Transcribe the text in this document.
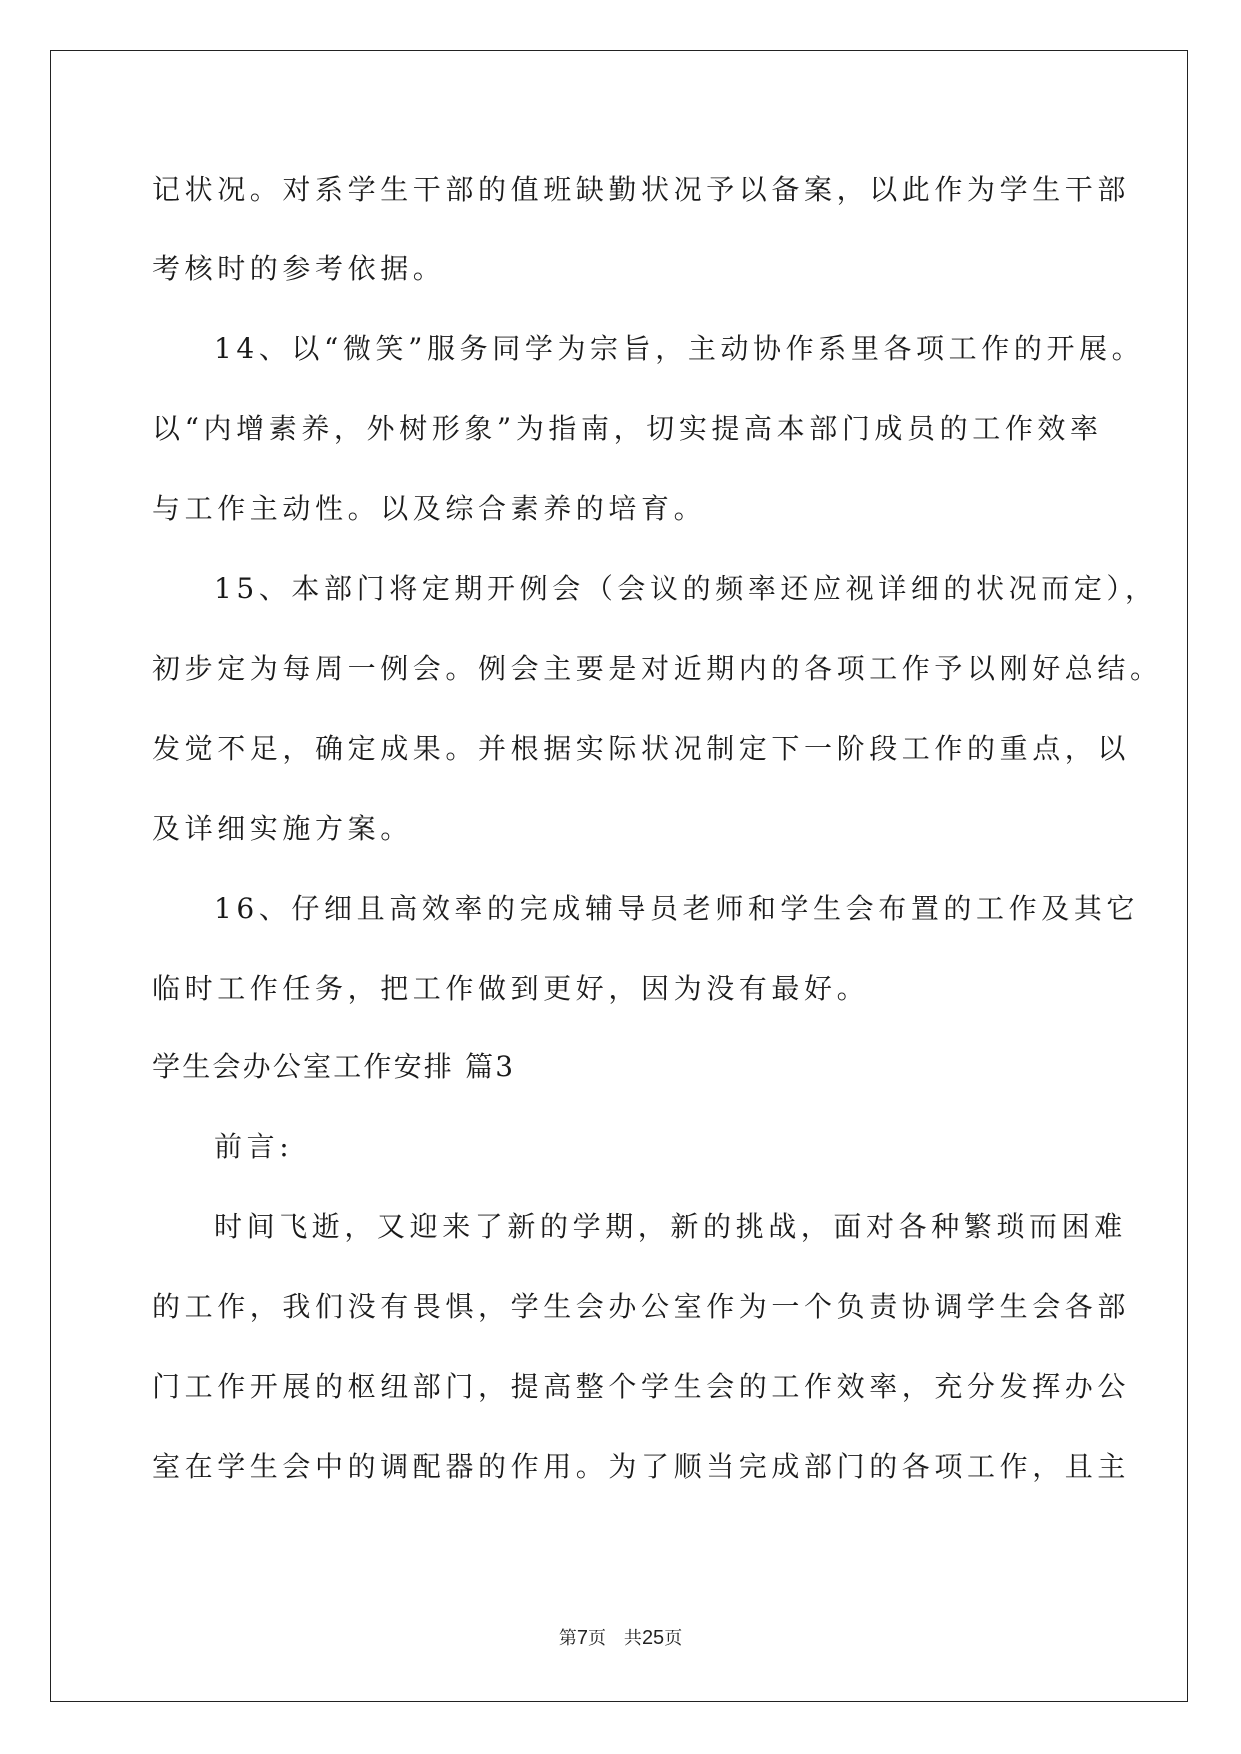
记状况。对系学生干部的值班缺勤状况予以备案，以此作为学生干部
考核时的参考依据。
14、以“微笑”服务同学为宗旨，主动协作系里各项工作的开展。
以“内增素养，外树形象”为指南，切实提高本部门成员的工作效率
与工作主动性。以及综合素养的培育。
15、本部门将定期开例会（会议的频率还应视详细的状况而定），
初步定为每周一例会。例会主要是对近期内的各项工作予以刚好总结。
发觉不足，确定成果。并根据实际状况制定下一阶段工作的重点，以
及详细实施方案。
16、仔细且高效率的完成辅导员老师和学生会布置的工作及其它
临时工作任务，把工作做到更好，因为没有最好。
学生会办公室工作安排 篇3
前言:
时间飞逝，又迎来了新的学期，新的挑战，面对各种繁琐而困难
的工作，我们没有畏惧，学生会办公室作为一个负责协调学生会各部
门工作开展的枢纽部门，提高整个学生会的工作效率，充分发挥办公
室在学生会中的调配器的作用。为了顺当完成部门的各项工作，且主
第7页　共25页
